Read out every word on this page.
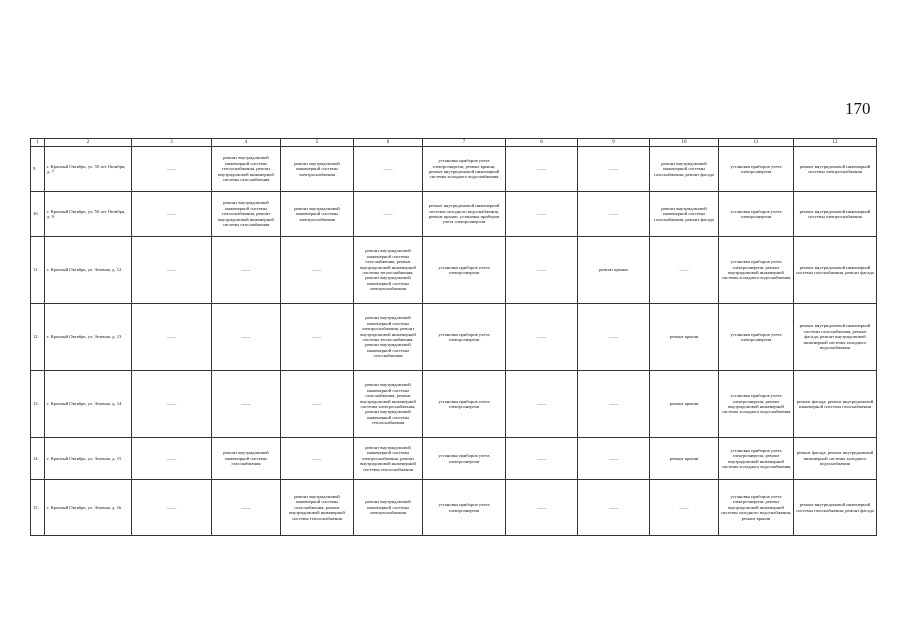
170
1	2	3	4	5	6	7	8	9	10	11	12
9.	г. Красный Октябрь, ул. 50 лет Октября, д. 7	——	ремонт внутридомовой инженерной системы теплоснабжения, ремонт внутридомовой инженерной системы газоснабжения	ремонт внутридомовой инженерной системы электроснабжения	——	установка приборов учета электроэнергии, ремонт крыши, ремонт внутридомовой инженерной системы холодного водоснабжения	——	——	ремонт внутридомовой инженерной системы газоснабжения, ремонт фасада	установка приборов учета электроэнергии	ремонт внутридомовой инженерной системы электроснабжения
10.	г. Красный Октябрь, ул. 50 лет Октября, д. 9	——	ремонт внутридомовой инженерной системы теплоснабжения, ремонт внутридомовой инженерной системы газоснабжения	ремонт внутридомовой инженерной системы электроснабжения	——	ремонт внутридомовой инженерной системы холодного водоснабжения, ремонт крыши, установка приборов учета электроэнергии	——	——	ремонт внутридомовой инженерной системы газоснабжения, ремонт фасада	установка приборов учета электроэнергии	ремонт внутридомовой инженерной системы электроснабжения
11.	г. Красный Октябрь, ул. Зеленая, д. 12	——	——	——	ремонт внутридомовой инженерной системы газоснабжения, ремонт внутридомовой инженерной системы теплоснабжения, ремонт внутридомовой инженерной системы электроснабжения	установка приборов учета электроэнергии	——	ремонт крыши	——	установка приборов учета электроэнергии, ремонт внутридомовой инженерной системы холодного водоснабжения	ремонт внутридомовой инженерной системы газоснабжения, ремонт фасада
12.	г. Красный Октябрь, ул. Зеленая, д. 13	——	——	——	ремонт внутридомовой инженерной системы электроснабжения, ремонт внутридомовой инженерной системы теплоснабжения, ремонт внутридомовой инженерной системы газоснабжения	установка приборов учета электроэнергии	——	——	ремонт крыши	установка приборов учета электроэнергии	ремонт внутридомовой инженерной системы газоснабжения, ремонт фасада, ремонт внутридомовой инженерной системы холодного водоснабжения
13.	г. Красный Октябрь, ул. Зеленая, д. 14	——	——	——	ремонт внутридомовой инженерной системы газоснабжения, ремонт внутридомовой инженерной системы электроснабжения, ремонт внутридомовой инженерной системы теплоснабжения	установка приборов учета электроэнергии	——	——	ремонт крыши	установка приборов учета электроэнергии, ремонт внутридомовой инженерной системы холодного водоснабжения	ремонт фасада, ремонт внутридомовой инженерной системы газоснабжения
14.	г. Красный Октябрь, ул. Зеленая, д. 15	——	ремонт внутридомовой инженерной системы газоснабжения	——	ремонт внутридомовой инженерной системы электроснабжения, ремонт внутридомовой инженерной системы теплоснабжения	установка приборов учета электроэнергии	——	——	ремонт крыши	установка приборов учета электроэнергии, ремонт внутридомовой инженерной системы холодного водоснабжения	ремонт фасада, ремонт внутридомовой инженерной системы холодного водоснабжения
15.	г. Красный Октябрь, ул. Зеленая, д. 16	——	——	ремонт внутридомовой инженерной системы газоснабжения, ремонт внутридомовой инженерной системы теплоснабжения	ремонт внутридомовой инженерной системы электроснабжения	установка приборов учета электроэнергии	——	——	——	установка приборов учета электроэнергии, ремонт внутридомовой инженерной системы холодного водоснабжения, ремонт крыши	ремонт внутридомовой инженерной системы газоснабжения, ремонт фасада
